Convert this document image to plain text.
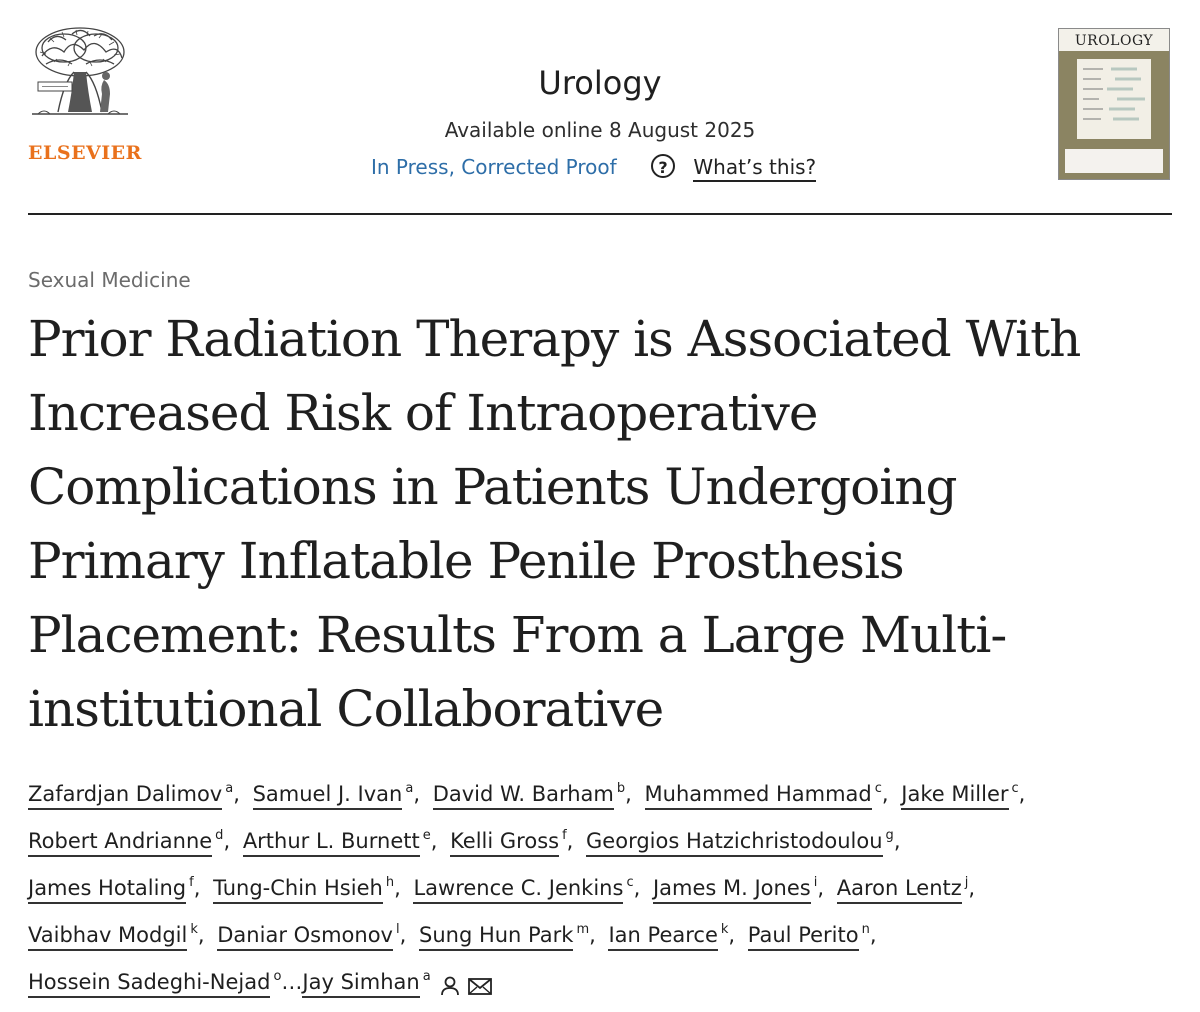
ELSEVIER
Urology
Available online 8 August 2025
In Press, Corrected Proof	? What’s this?
UROLOGY
Sexual Medicine
Prior Radiation Therapy is Associated With
Increased Risk of Intraoperative
Complications in Patients Undergoing
Primary Inflatable Penile Prosthesis
Placement: Results From a Large Multi-
institutional Collaborative
Zafardjan Dalimov $^a$, Samuel J. Ivan $^a$, David W. Barham $^b$, Muhammed Hammad $^c$, Jake Miller $^c$,
Robert Andrianne $^d$, Arthur L. Burnett $^e$, Kelli Gross $^f$, Georgios Hatzichristodoulou $^g$,
James Hotaling $^f$, Tung-Chin Hsieh $^h$, Lawrence C. Jenkins $^c$, James M. Jones $^i$, Aaron Lentz $^j$,
Vaibhav Modgil $^k$, Daniar Osmonov $^l$, Sung Hun Park $^m$, Ian Pearce $^k$, Paul Perito $^n$,
Hossein Sadeghi-Nejad $^o$…Jay Simhan $^a$
